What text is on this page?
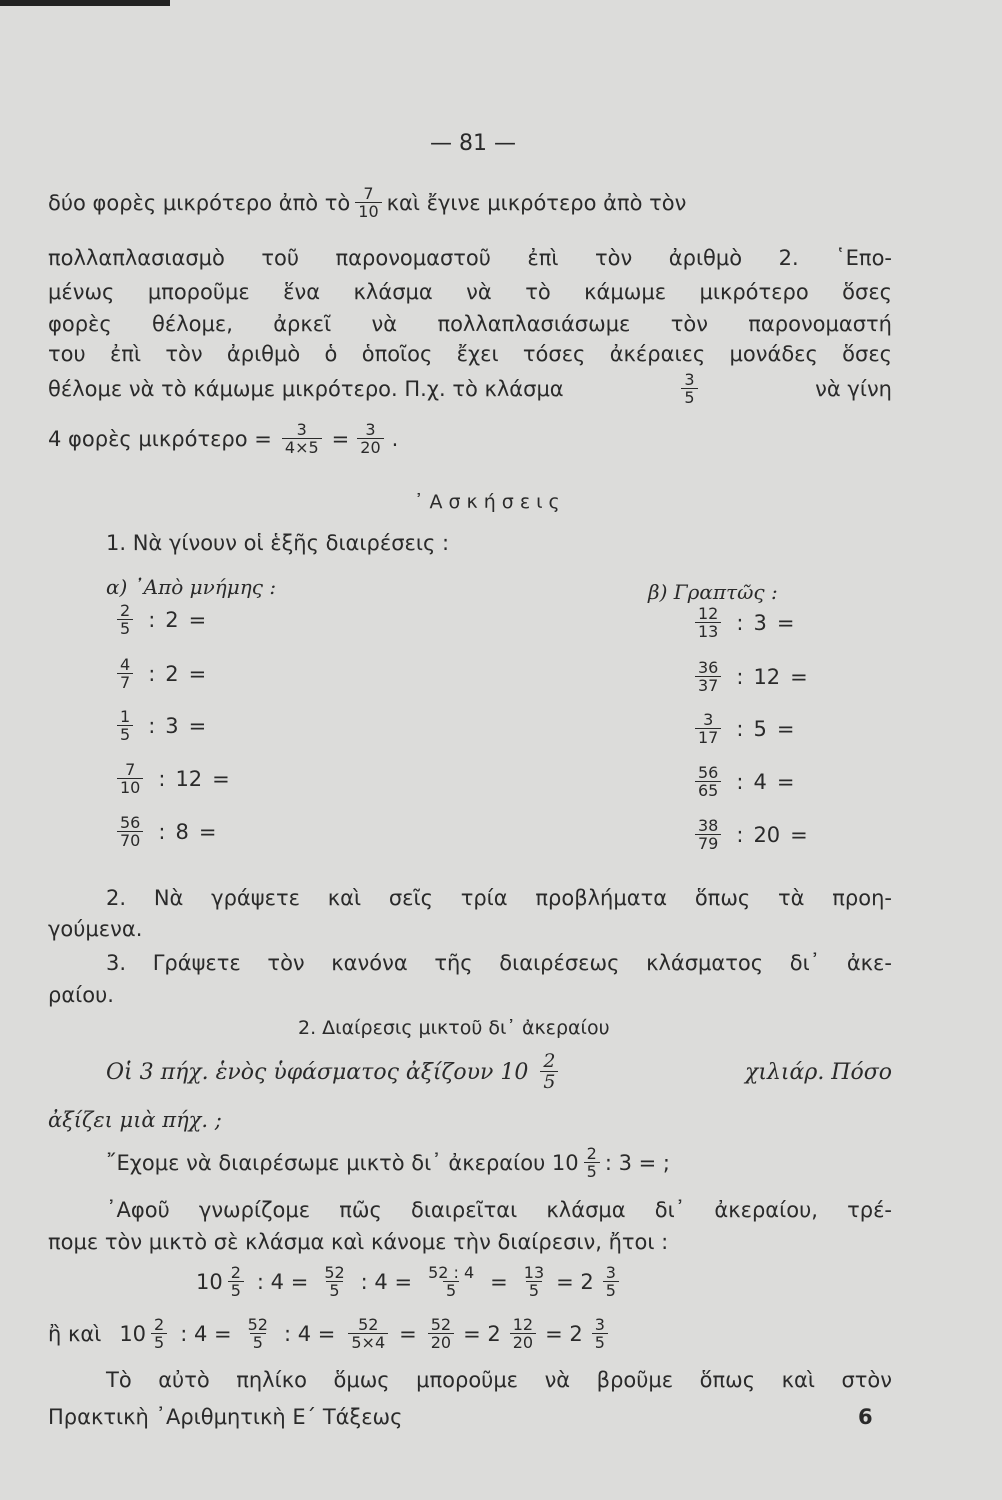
— 81 —
δύο φορὲς μικρότερο ἀπὸ τὸ $\frac{7}{10}$ καὶ ἔγινε μικρότερο ἀπὸ τὸν
πολλαπλασιασμὸ τοῦ παρονομαστοῦ ἐπὶ τὸν ἀριθμὸ 2. ῾Επο-
μένως μποροῦμε ἕνα κλάσμα νὰ τὸ κάμωμε μικρότερο ὅσες
φορὲς θέλομε, ἀρκεῖ νὰ πολλαπλασιάσωμε τὸν παρονομαστή
του ἐπὶ τὸν ἀριθμὸ ὁ ὁποῖος ἔχει τόσες ἀκέραιες μονάδες ὅσες
θέλομε νὰ τὸ κάμωμε μικρότερο. Π.χ. τὸ κλάσμα	$\frac{3}{5}$	νὰ γίνη
4 φορὲς $\mu\iota\kappa\rho ό\tau\varepsilon\rho o = \frac{3}{4\times 5} = \frac{3}{20}$ .
᾽Ασκήσεις
1. Νὰ γίνουν οἱ ἑξῆς διαιρέσεις :
α) ᾽Απὸ μνήμης :	β) Γραπτῶς :
$\frac{2}{5}$ : 2 =
$\frac{4}{7}$ : 2 =
$\frac{1}{5}$ : 3 =
$\frac{7}{10}$ : 12 =
$\frac{56}{70}$ : 8 =
$\frac{12}{13}$ : 3 =
$\frac{36}{37}$ : 12 =
$\frac{3}{17}$ : 5 =
$\frac{56}{65}$ : 4 =
$\frac{38}{79}$ : 20 =
2. Νὰ γράψετε καὶ σεῖς τρία προβλήματα ὅπως τὰ προη-
γούμενα.
3. Γράψετε τὸν κανόνα τῆς διαιρέσεως κλάσματος δι᾽ ἀκε-
ραίου.
2. Διαίρεσις μικτοῦ δι᾽ ἀκεραίου
Οἱ 3 πήχ. ἑνὸς ὑφάσματος ἀξίζουν $10 \frac{2}{5}$	χιλιάρ. Πόσο
ἀξίζει μιὰ πήχ. ;
῎Εχομε νὰ διαιρέσωμε μικτὸ δι᾽ ἀκεραίου $10 \frac{2}{5}$ : 3 = ;
᾽Αφοῦ γνωρίζομε πῶς διαιρεῖται κλάσμα δι᾽ ἀκεραίου, τρέ-
πομε τὸν μικτὸ σὲ κλάσμα καὶ κάνομε τὴν διαίρεσιν, ἤτοι :
$10 \frac{2}{5}$ : $4 = \frac{52}{5}$ : $4 = \frac{52 : 4}{5} = \frac{13}{5} = 2 \frac{3}{5}$
ἢ καὶ $10 \frac{2}{5}$ : $4 = \frac{52}{5}$ : $4 = \frac{52}{5\times 4} = \frac{52}{20} = 2 \frac{12}{20} = 2 \frac{3}{5}$
Τὸ αὐτὸ πηλίκο ὅμως μποροῦμε νὰ βροῦμε ὅπως καὶ στὸν
Πρακτικὴ ᾽Αριθμητικὴ Ε´ Τάξεως	6
